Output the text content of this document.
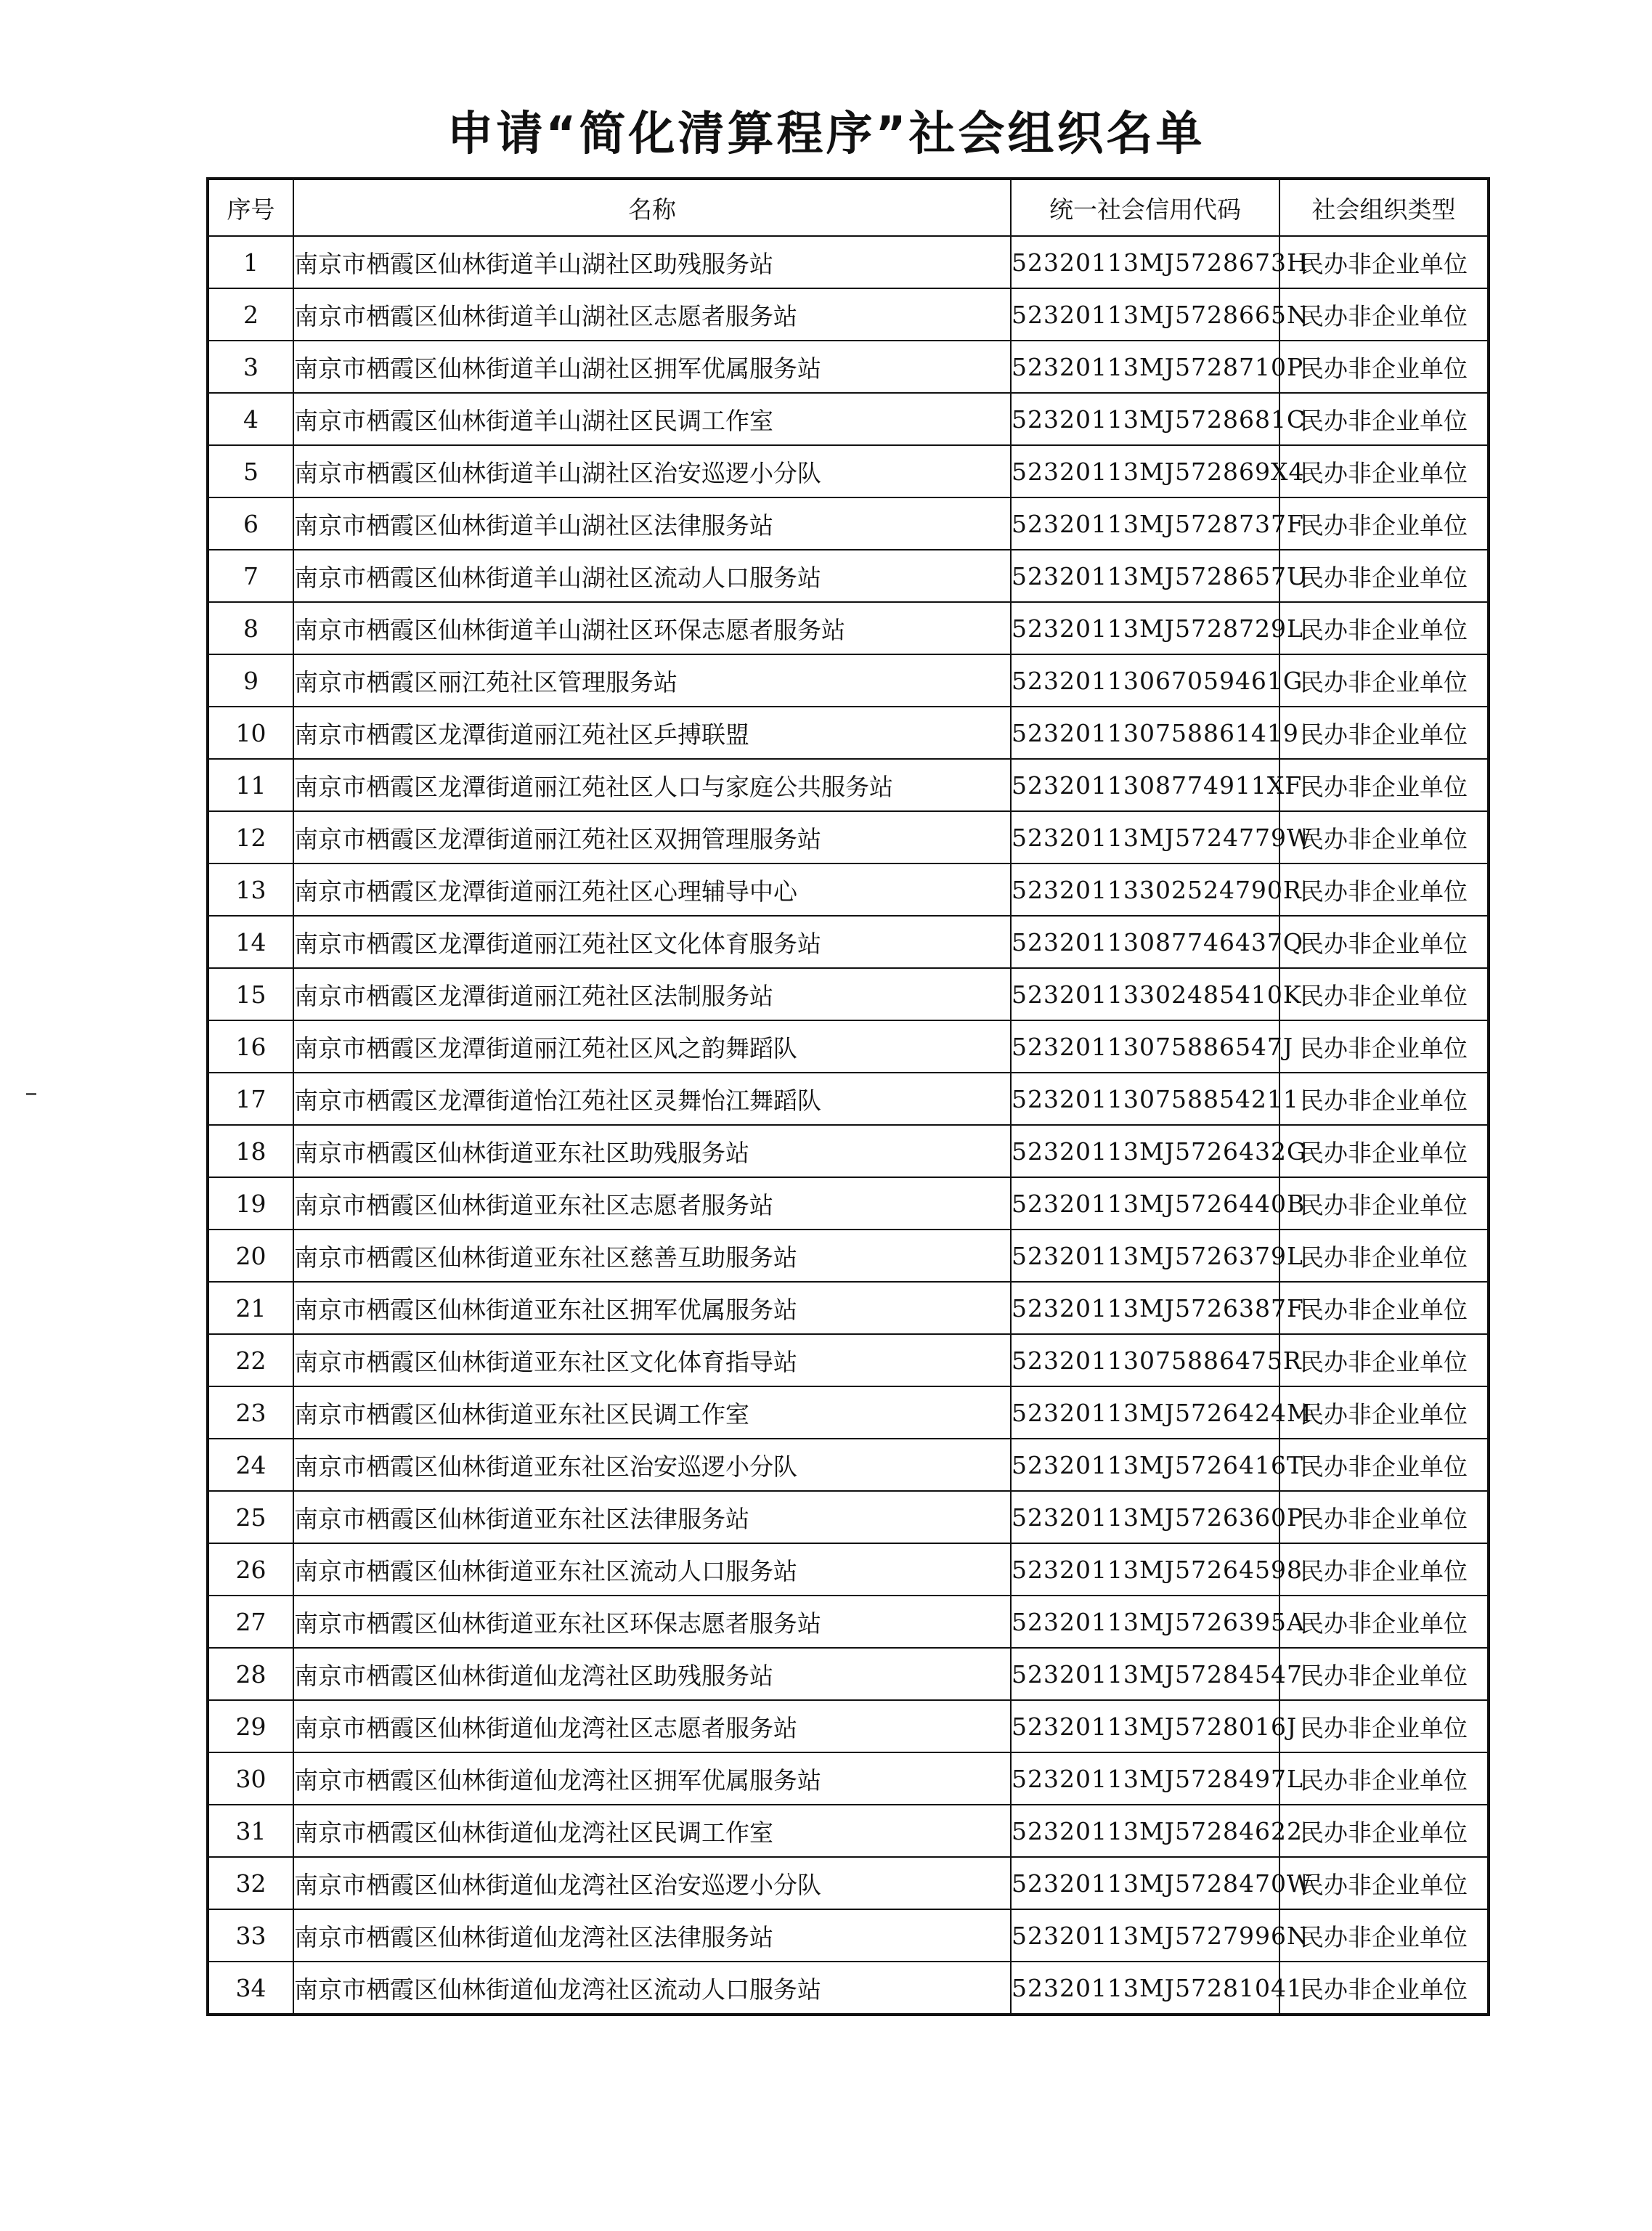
申请“简化清算程序”社会组织名单
序号	名称	统一社会信用代码	社会组织类型
1	南京市栖霞区仙林街道羊山湖社区助残服务站	52320113MJ5728673H	民办非企业单位
2	南京市栖霞区仙林街道羊山湖社区志愿者服务站	52320113MJ5728665N	民办非企业单位
3	南京市栖霞区仙林街道羊山湖社区拥军优属服务站	52320113MJ5728710P	民办非企业单位
4	南京市栖霞区仙林街道羊山湖社区民调工作室	52320113MJ5728681C	民办非企业单位
5	南京市栖霞区仙林街道羊山湖社区治安巡逻小分队	52320113MJ572869X4	民办非企业单位
6	南京市栖霞区仙林街道羊山湖社区法律服务站	52320113MJ5728737F	民办非企业单位
7	南京市栖霞区仙林街道羊山湖社区流动人口服务站	52320113MJ5728657U	民办非企业单位
8	南京市栖霞区仙林街道羊山湖社区环保志愿者服务站	52320113MJ5728729L	民办非企业单位
9	南京市栖霞区丽江苑社区管理服务站	52320113067059461G	民办非企业单位
10	南京市栖霞区龙潭街道丽江苑社区乒搏联盟	523201130758861419	民办非企业单位
11	南京市栖霞区龙潭街道丽江苑社区人口与家庭公共服务站	5232011308774911XF	民办非企业单位
12	南京市栖霞区龙潭街道丽江苑社区双拥管理服务站	52320113MJ5724779W	民办非企业单位
13	南京市栖霞区龙潭街道丽江苑社区心理辅导中心	52320113302524790R	民办非企业单位
14	南京市栖霞区龙潭街道丽江苑社区文化体育服务站	52320113087746437Q	民办非企业单位
15	南京市栖霞区龙潭街道丽江苑社区法制服务站	52320113302485410K	民办非企业单位
16	南京市栖霞区龙潭街道丽江苑社区风之韵舞蹈队	52320113075886547J	民办非企业单位
17	南京市栖霞区龙潭街道怡江苑社区灵舞怡江舞蹈队	523201130758854211	民办非企业单位
18	南京市栖霞区仙林街道亚东社区助残服务站	52320113MJ5726432G	民办非企业单位
19	南京市栖霞区仙林街道亚东社区志愿者服务站	52320113MJ5726440B	民办非企业单位
20	南京市栖霞区仙林街道亚东社区慈善互助服务站	52320113MJ5726379L	民办非企业单位
21	南京市栖霞区仙林街道亚东社区拥军优属服务站	52320113MJ5726387F	民办非企业单位
22	南京市栖霞区仙林街道亚东社区文化体育指导站	52320113075886475R	民办非企业单位
23	南京市栖霞区仙林街道亚东社区民调工作室	52320113MJ5726424M	民办非企业单位
24	南京市栖霞区仙林街道亚东社区治安巡逻小分队	52320113MJ5726416T	民办非企业单位
25	南京市栖霞区仙林街道亚东社区法律服务站	52320113MJ5726360P	民办非企业单位
26	南京市栖霞区仙林街道亚东社区流动人口服务站	52320113MJ57264598	民办非企业单位
27	南京市栖霞区仙林街道亚东社区环保志愿者服务站	52320113MJ5726395A	民办非企业单位
28	南京市栖霞区仙林街道仙龙湾社区助残服务站	52320113MJ57284547	民办非企业单位
29	南京市栖霞区仙林街道仙龙湾社区志愿者服务站	52320113MJ5728016J	民办非企业单位
30	南京市栖霞区仙林街道仙龙湾社区拥军优属服务站	52320113MJ5728497L	民办非企业单位
31	南京市栖霞区仙林街道仙龙湾社区民调工作室	52320113MJ57284622	民办非企业单位
32	南京市栖霞区仙林街道仙龙湾社区治安巡逻小分队	52320113MJ5728470W	民办非企业单位
33	南京市栖霞区仙林街道仙龙湾社区法律服务站	52320113MJ5727996N	民办非企业单位
34	南京市栖霞区仙林街道仙龙湾社区流动人口服务站	52320113MJ57281041	民办非企业单位
